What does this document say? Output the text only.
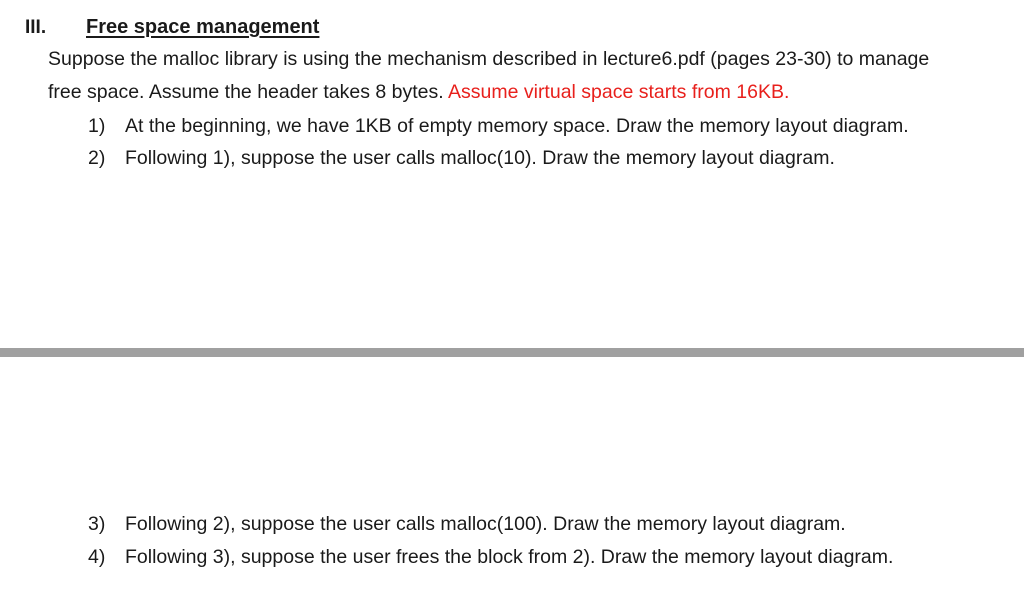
III. Free space management
Suppose the malloc library is using the mechanism described in lecture6.pdf (pages 23-30) to manage
free space. Assume the header takes 8 bytes. Assume virtual space starts from 16KB.
1)	At the beginning, we have 1KB of empty memory space. Draw the memory layout diagram.
2)	Following 1), suppose the user calls malloc(10). Draw the memory layout diagram.
3)	Following 2), suppose the user calls malloc(100). Draw the memory layout diagram.
4)	Following 3), suppose the user frees the block from 2). Draw the memory layout diagram.
